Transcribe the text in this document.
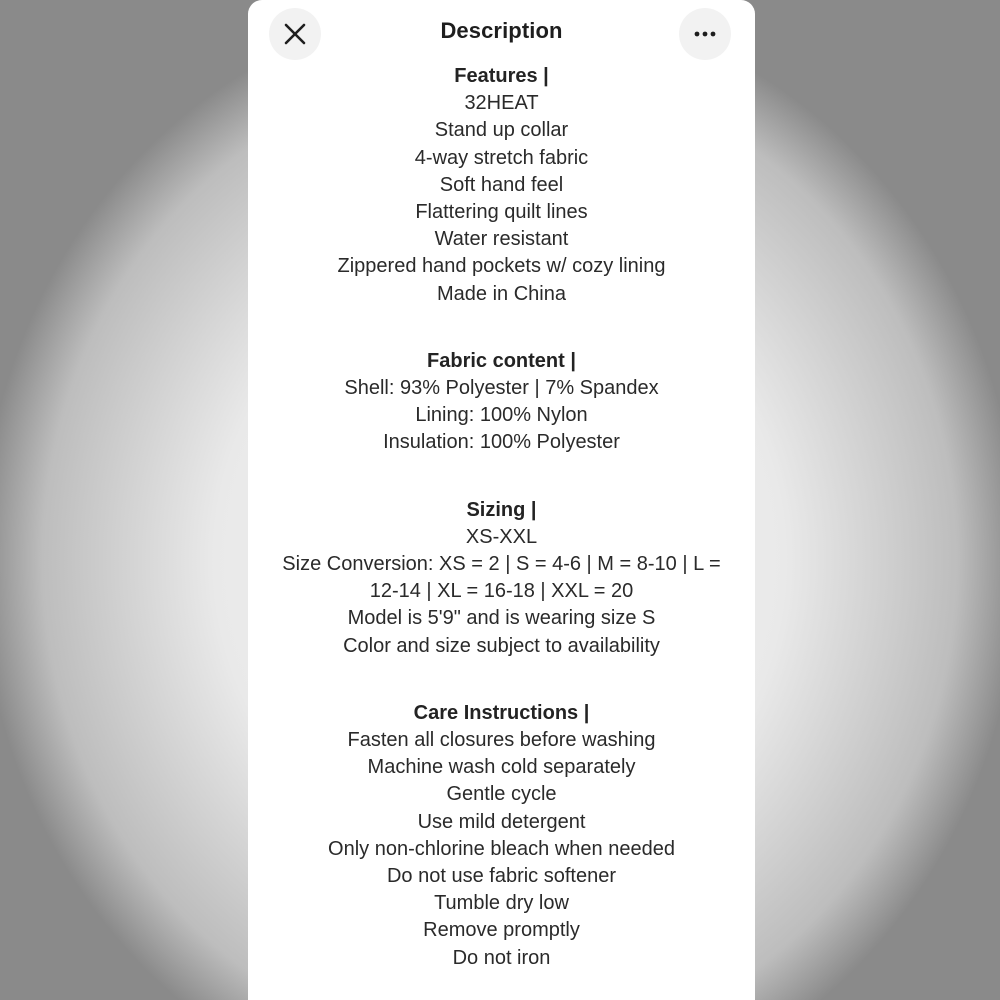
Description
Features |
32HEAT
Stand up collar
4-way stretch fabric
Soft hand feel
Flattering quilt lines
Water resistant
Zippered hand pockets w/ cozy lining
Made in China
Fabric content |
Shell: 93% Polyester | 7% Spandex
Lining: 100% Nylon
Insulation: 100% Polyester
Sizing |
XS-XXL
Size Conversion: XS = 2 | S = 4-6 | M = 8-10 | L =
12-14 | XL = 16-18 | XXL = 20
Model is 5'9" and is wearing size S
Color and size subject to availability
Care Instructions |
Fasten all closures before washing
Machine wash cold separately
Gentle cycle
Use mild detergent
Only non-chlorine bleach when needed
Do not use fabric softener
Tumble dry low
Remove promptly
Do not iron
